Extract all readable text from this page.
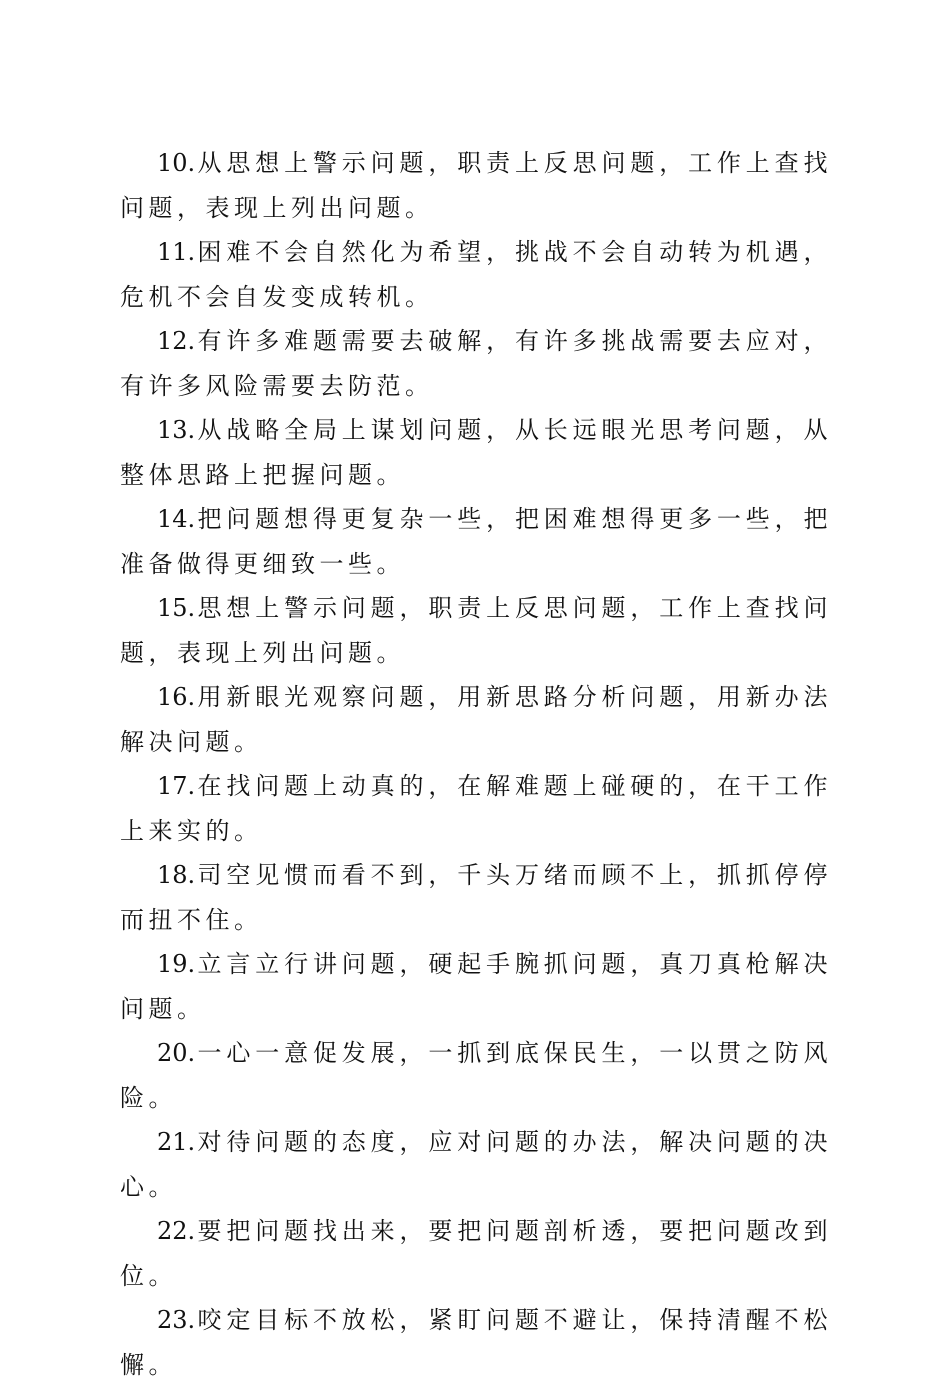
10.从思想上警示问题，职责上反思问题，工作上查找问题，表现上列出问题。

11.困难不会自然化为希望，挑战不会自动转为机遇，危机不会自发变成转机。

12.有许多难题需要去破解，有许多挑战需要去应对，有许多风险需要去防范。

13.从战略全局上谋划问题，从长远眼光思考问题，从整体思路上把握问题。

14.把问题想得更复杂一些，把困难想得更多一些，把准备做得更细致一些。

15.思想上警示问题，职责上反思问题，工作上查找问题，表现上列出问题。

16.用新眼光观察问题，用新思路分析问题，用新办法解决问题。

17.在找问题上动真的，在解难题上碰硬的，在干工作上来实的。

18.司空见惯而看不到，千头万绪而顾不上，抓抓停停而扭不住。

19.立言立行讲问题，硬起手腕抓问题，真刀真枪解决问题。

20.一心一意促发展，一抓到底保民生，一以贯之防风险。

21.对待问题的态度，应对问题的办法，解决问题的决心。

22.要把问题找出来，要把问题剖析透，要把问题改到位。

23.咬定目标不放松，紧盯问题不避让，保持清醒不松懈。
